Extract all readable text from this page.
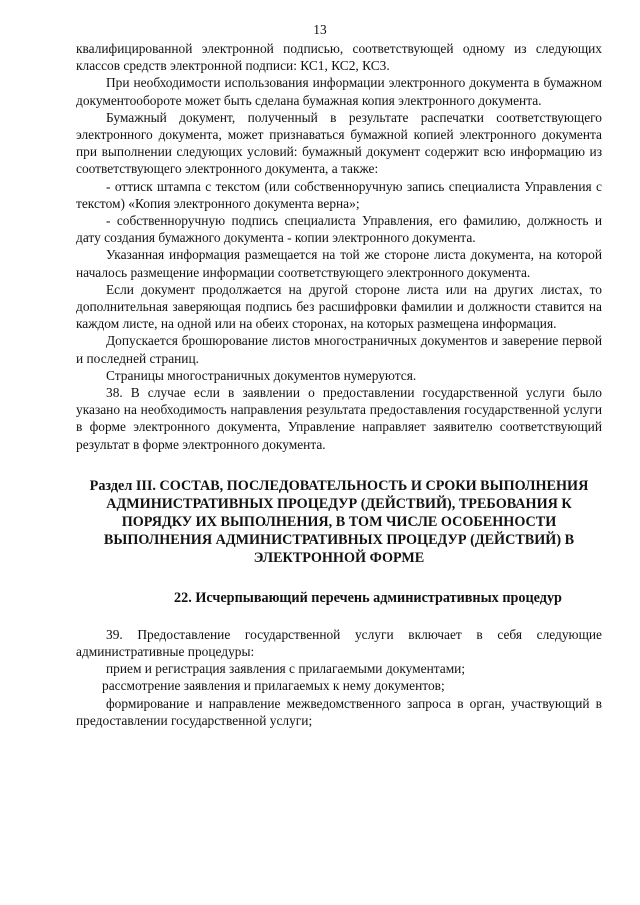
13

квалифицированной электронной подписью, соответствующей одному из следующих классов средств электронной подписи: КС1, КС2, КС3.

При необходимости использования информации электронного документа в бумажном документообороте может быть сделана бумажная копия электронного документа.

Бумажный документ, полученный в результате распечатки соответствующего электронного документа, может признаваться бумажной копией электронного документа при выполнении следующих условий: бумажный документ содержит всю информацию из соответствующего электронного документа, а также:

- оттиск штампа с текстом (или собственноручную запись специалиста Управления с текстом) «Копия электронного документа верна»;

- собственноручную подпись специалиста Управления, его фамилию, должность и дату создания бумажного документа - копии электронного документа.

Указанная информация размещается на той же стороне листа документа, на которой началось размещение информации соответствующего электронного документа.

Если документ продолжается на другой стороне листа или на других листах, то дополнительная заверяющая подпись без расшифровки фамилии и должности ставится на каждом листе, на одной или на обеих сторонах, на которых размещена информация.

Допускается брошюрование листов многостраничных документов и заверение первой и последней страниц.

Страницы многостраничных документов нумеруются.

38. В случае если в заявлении о предоставлении государственной услуги было указано на необходимость направления результата предоставления государственной услуги в форме электронного документа, Управление направляет заявителю соответствующий результат в форме электронного документа.

Раздел III. СОСТАВ, ПОСЛЕДОВАТЕЛЬНОСТЬ И СРОКИ ВЫПОЛНЕНИЯ АДМИНИСТРАТИВНЫХ ПРОЦЕДУР (ДЕЙСТВИЙ), ТРЕБОВАНИЯ К ПОРЯДКУ ИХ ВЫПОЛНЕНИЯ, В ТОМ ЧИСЛЕ ОСОБЕННОСТИ ВЫПОЛНЕНИЯ АДМИНИСТРАТИВНЫХ ПРОЦЕДУР (ДЕЙСТВИЙ) В ЭЛЕКТРОННОЙ ФОРМЕ
22. Исчерпывающий перечень административных процедур

39. Предоставление государственной услуги включает в себя следующие административные процедуры:

прием и регистрация заявления с прилагаемыми документами;

рассмотрение заявления и прилагаемых к нему документов;

формирование и направление межведомственного запроса в орган, участвующий в предоставлении государственной услуги;
